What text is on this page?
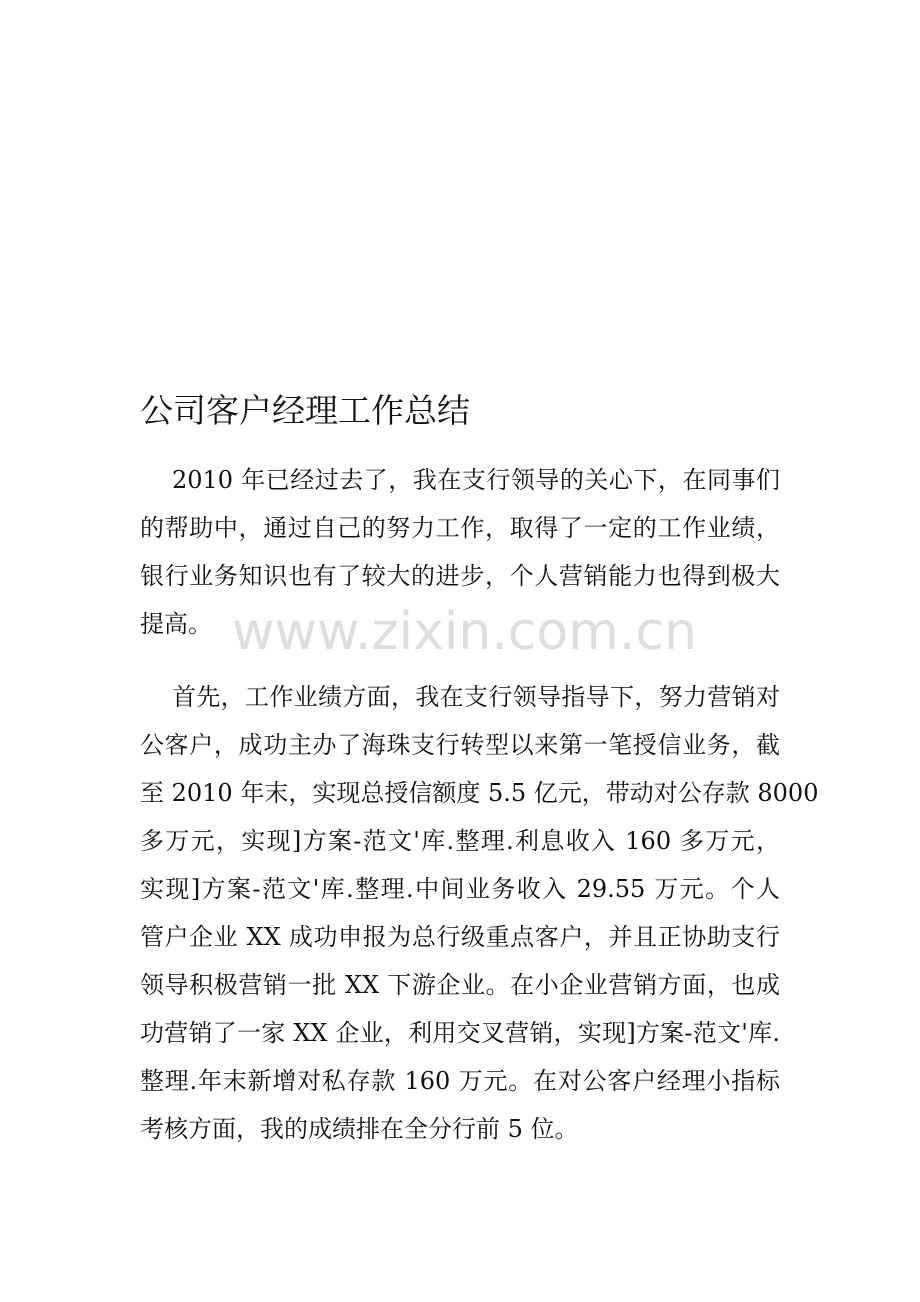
公司客户经理工作总结
2010 年已经过去了，我在支行领导的关心下，在同事们
的帮助中，通过自己的努力工作，取得了一定的工作业绩，
银行业务知识也有了较大的进步，个人营销能力也得到极大
提高。
首先，工作业绩方面，我在支行领导指导下，努力营销对
公客户，成功主办了海珠支行转型以来第一笔授信业务，截
至 2010 年末，实现总授信额度 5.5 亿元，带动对公存款 8000
多万元，实现]方案-范文'库.整理.利息收入 160 多万元，
实现]方案-范文'库.整理.中间业务收入 29.55 万元。个人
管户企业 XX 成功申报为总行级重点客户，并且正协助支行
领导积极营销一批 XX 下游企业。在小企业营销方面，也成
功营销了一家 XX 企业，利用交叉营销，实现]方案-范文'库.
整理.年末新增对私存款 160 万元。在对公客户经理小指标
考核方面，我的成绩排在全分行前 5 位。
www.zixin.com.cn
